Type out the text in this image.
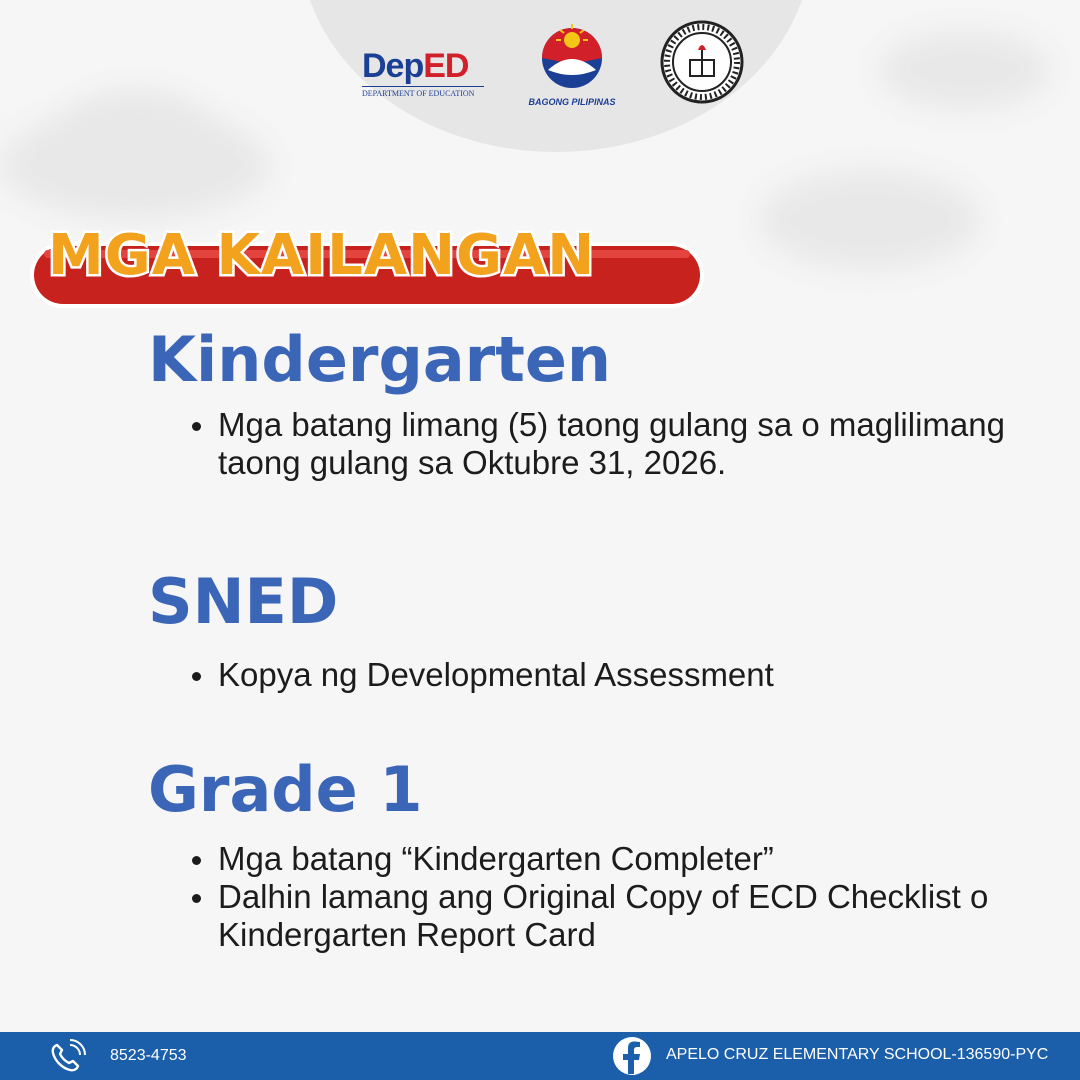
DepED
DEPARTMENT OF EDUCATION
BAGONG PILIPINAS
MGA KAILANGAN
Kindergarten
Mga batang limang (5) taong gulang sa o maglilimang taong gulang sa Oktubre 31, 2026.
SNED
Kopya ng Developmental Assessment
Grade 1
Mga batang “Kindergarten Completer”
Dalhin lamang ang Original Copy of ECD Checklist o Kindergarten Report Card
8523-4753	APELO CRUZ ELEMENTARY SCHOOL-136590-PYC
